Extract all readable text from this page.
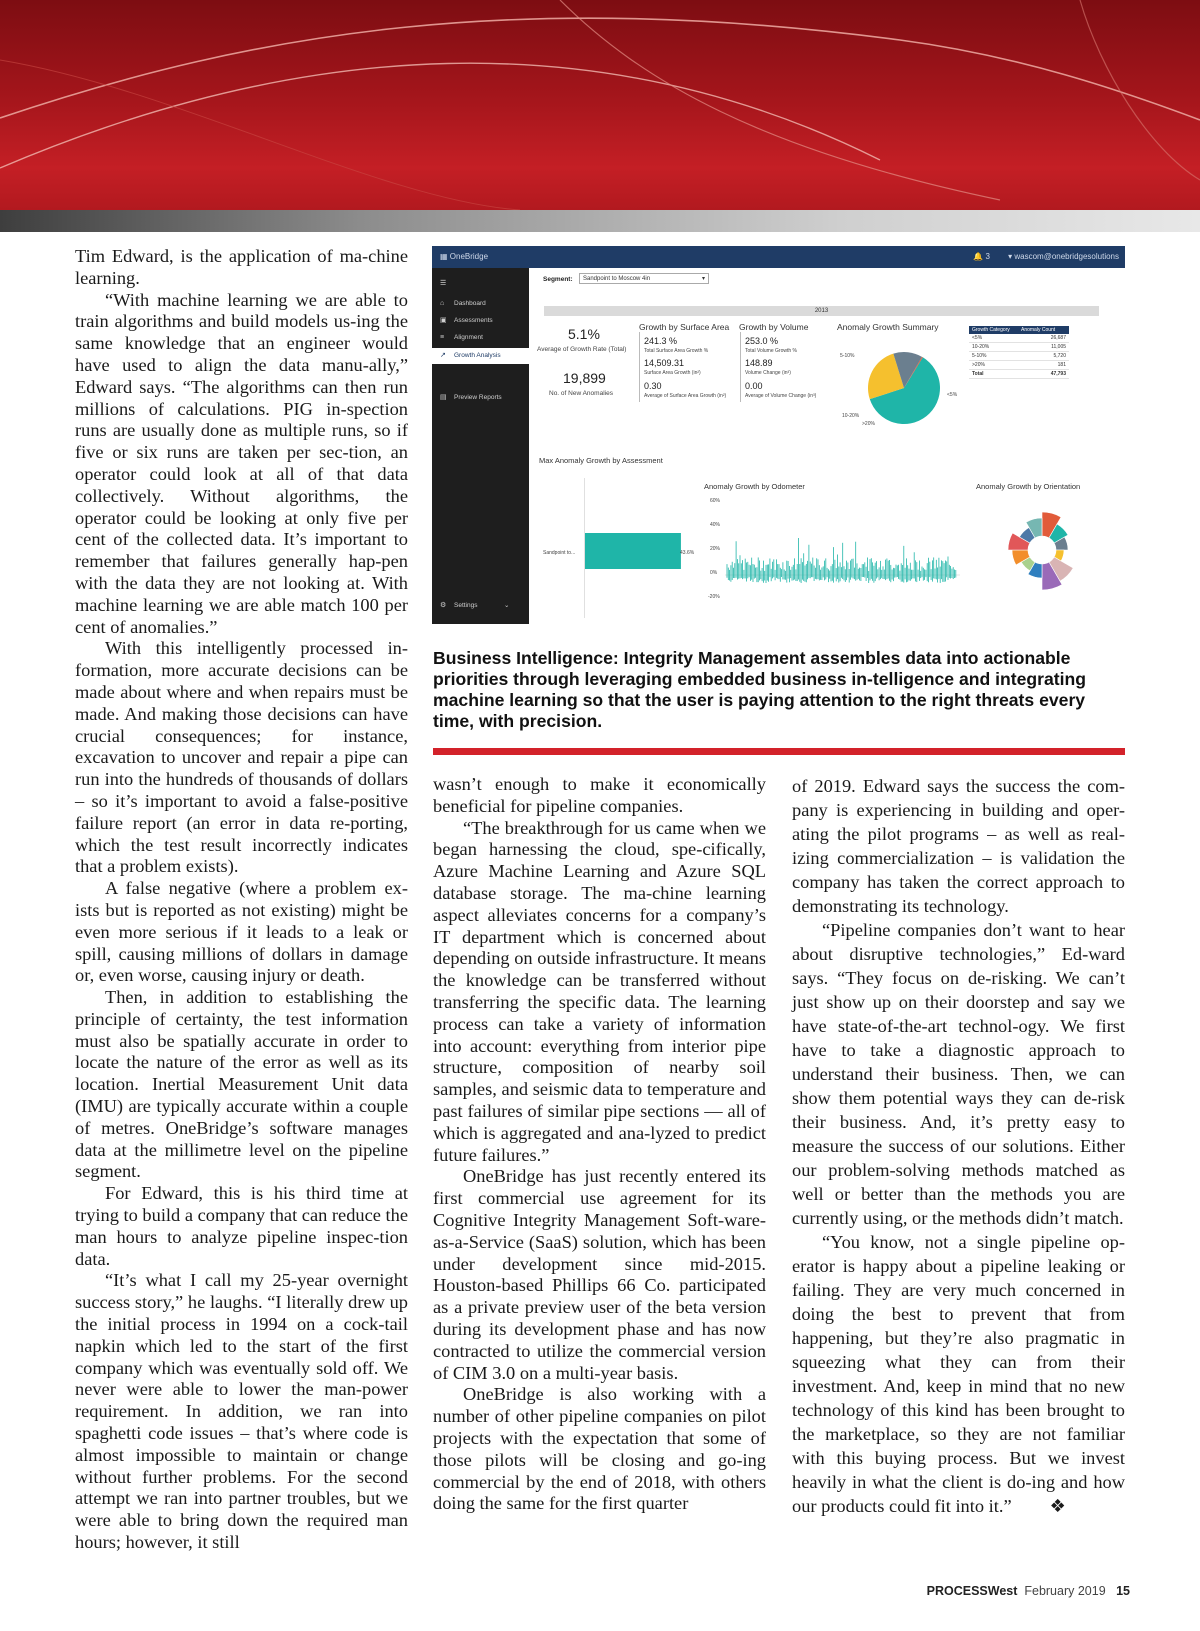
Tim Edward, is the application of ma-​chine learning.

“With machine learning we are able to train algorithms and build models us-​ing the same knowledge that an engineer would have used to align the data manu-​ally,” Edward says. “The algorithms can then run millions of calculations. PIG in-​spection runs are usually done as multiple runs, so if five or six runs are taken per sec-​tion, an operator could look at all of that data collectively. Without algorithms, the operator could be looking at only five per cent of the collected data. It’s important to remember that failures generally hap-​pen with the data they are not looking at. With machine learning we are able match 100 per cent of anomalies.”

With this intelligently processed in-​formation, more accurate decisions can be made about where and when repairs must be made. And making those decisions can have crucial consequences; for instance, excavation to uncover and repair a pipe can run into the hundreds of thousands of dollars – so it’s important to avoid a false-​positive failure report (an error in data re-​porting, which the test result incorrectly indicates that a problem exists).

A false negative (where a problem ex-​ists but is reported as not existing) might be even more serious if it leads to a leak or spill, causing millions of dollars in damage or, even worse, causing injury or death.

Then, in addition to establishing the principle of certainty, the test information must also be spatially accurate in order to locate the nature of the error as well as its location. Inertial Measurement Unit data (IMU) are typically accurate within a couple of metres. OneBridge’s software manages data at the millimetre level on the pipeline segment.

For Edward, this is his third time at trying to build a company that can reduce the man hours to analyze pipeline inspec-​tion data.

“It’s what I call my 25-year overnight success story,” he laughs. “I literally drew up the initial process in 1994 on a cock-​tail napkin which led to the start of the first company which was eventually sold off. We never were able to lower the man-​power requirement. In addition, we ran into spaghetti code issues – that’s where code is almost impossible to maintain or change without further problems. For the second attempt we ran into partner troubles, but we were able to bring down the required man hours; however, it still

▦ OneBridge	🔔 3 ▾ wascom@onebridgesolutions
☰
⌂ Dashboard
▣ Assessments
≡ Alignment
↗ Growth Analysis
▤ Preview Reports
⚙ Settings	⌄
Segment:	Sandpoint to Moscow 4in	▾
2013
5.1%
Average of Growth Rate (Total)
19,899
No. of New Anomalies
Growth by Surface Area
241.3 %
Total Surface Area Growth %
14,509.31
Surface Area Growth (in²)
0.30
Average of Surface Area Growth (in²)
Growth by Volume
253.0 %
Total Volume Growth %
148.89
Volume Change (in³)
0.00
Average of Volume Change (in³)
Anomaly Growth Summary
5-10%
10-20%
>20%
<5%
Growth Category Anomaly Count
<5%	26,687
10-20%	11,005
5-10%	5,720
>20%	181
Total	47,793
Max Anomaly Growth by Assessment
Sandpoint to...	43.6%
Anomaly Growth by Odometer
60%
40%
20%
0%
-20%
Anomaly Growth by Orientation
Business Intelligence: Integrity Management assembles data into actionable priorities through leveraging embedded business in-​telligence and integrating machine learning so that the user is paying attention to the right threats every time, with precision.

wasn’t enough to make it economically beneficial for pipeline companies.

“The breakthrough for us came when we began harnessing the cloud, spe-​cifically, Azure Machine Learning and Azure SQL database storage. The ma-​chine learning aspect alleviates concerns for a company’s IT department which is concerned about depending on outside infrastructure. It means the knowledge can be transferred without transferring the specific data. The learning process can take a variety of information into account: everything from interior pipe structure, composition of nearby soil samples, and seismic data to temperature and past failures of similar pipe sections — all of which is aggregated and ana-​lyzed to predict future failures.”

OneBridge has just recently entered its first commercial use agreement for its Cognitive Integrity Management Soft-​ware-as-a-Service (SaaS) solution, which has been under development since mid-​2015. Houston-based Phillips 66 Co. participated as a private preview user of the beta version during its development phase and has now contracted to utilize the commercial version of CIM 3.0 on a multi-year basis.

OneBridge is also working with a number of other pipeline companies on pilot projects with the expectation that some of those pilots will be closing and go-​ing commercial by the end of 2018, with others doing the same for the first quarter

of 2019. Edward says the success the com-​pany is experiencing in building and oper-​ating the pilot programs – as well as real-​izing commercialization – is validation the company has taken the correct approach to demonstrating its technology.

“Pipeline companies don’t want to hear about disruptive technologies,” Ed-​ward says. “They focus on de-risking. We can’t just show up on their doorstep and say we have state-of-the-art technol-​ogy. We first have to take a diagnostic approach to understand their business. Then, we can show them potential ways they can de-risk their business. And, it’s pretty easy to measure the success of our solutions. Either our problem-solving methods matched as well or better than the methods you are currently using, or the methods didn’t match.

“You know, not a single pipeline op-​erator is happy about a pipeline leaking or failing. They are very much concerned in doing the best to prevent that from happening, but they’re also pragmatic in squeezing what they can from their investment. And, keep in mind that no new technology of this kind has been brought to the marketplace, so they are not familiar with this buying process. But we invest heavily in what the client is do-​ing and how our products could fit into it.” ❖

PROCESSWest February 2019 15
